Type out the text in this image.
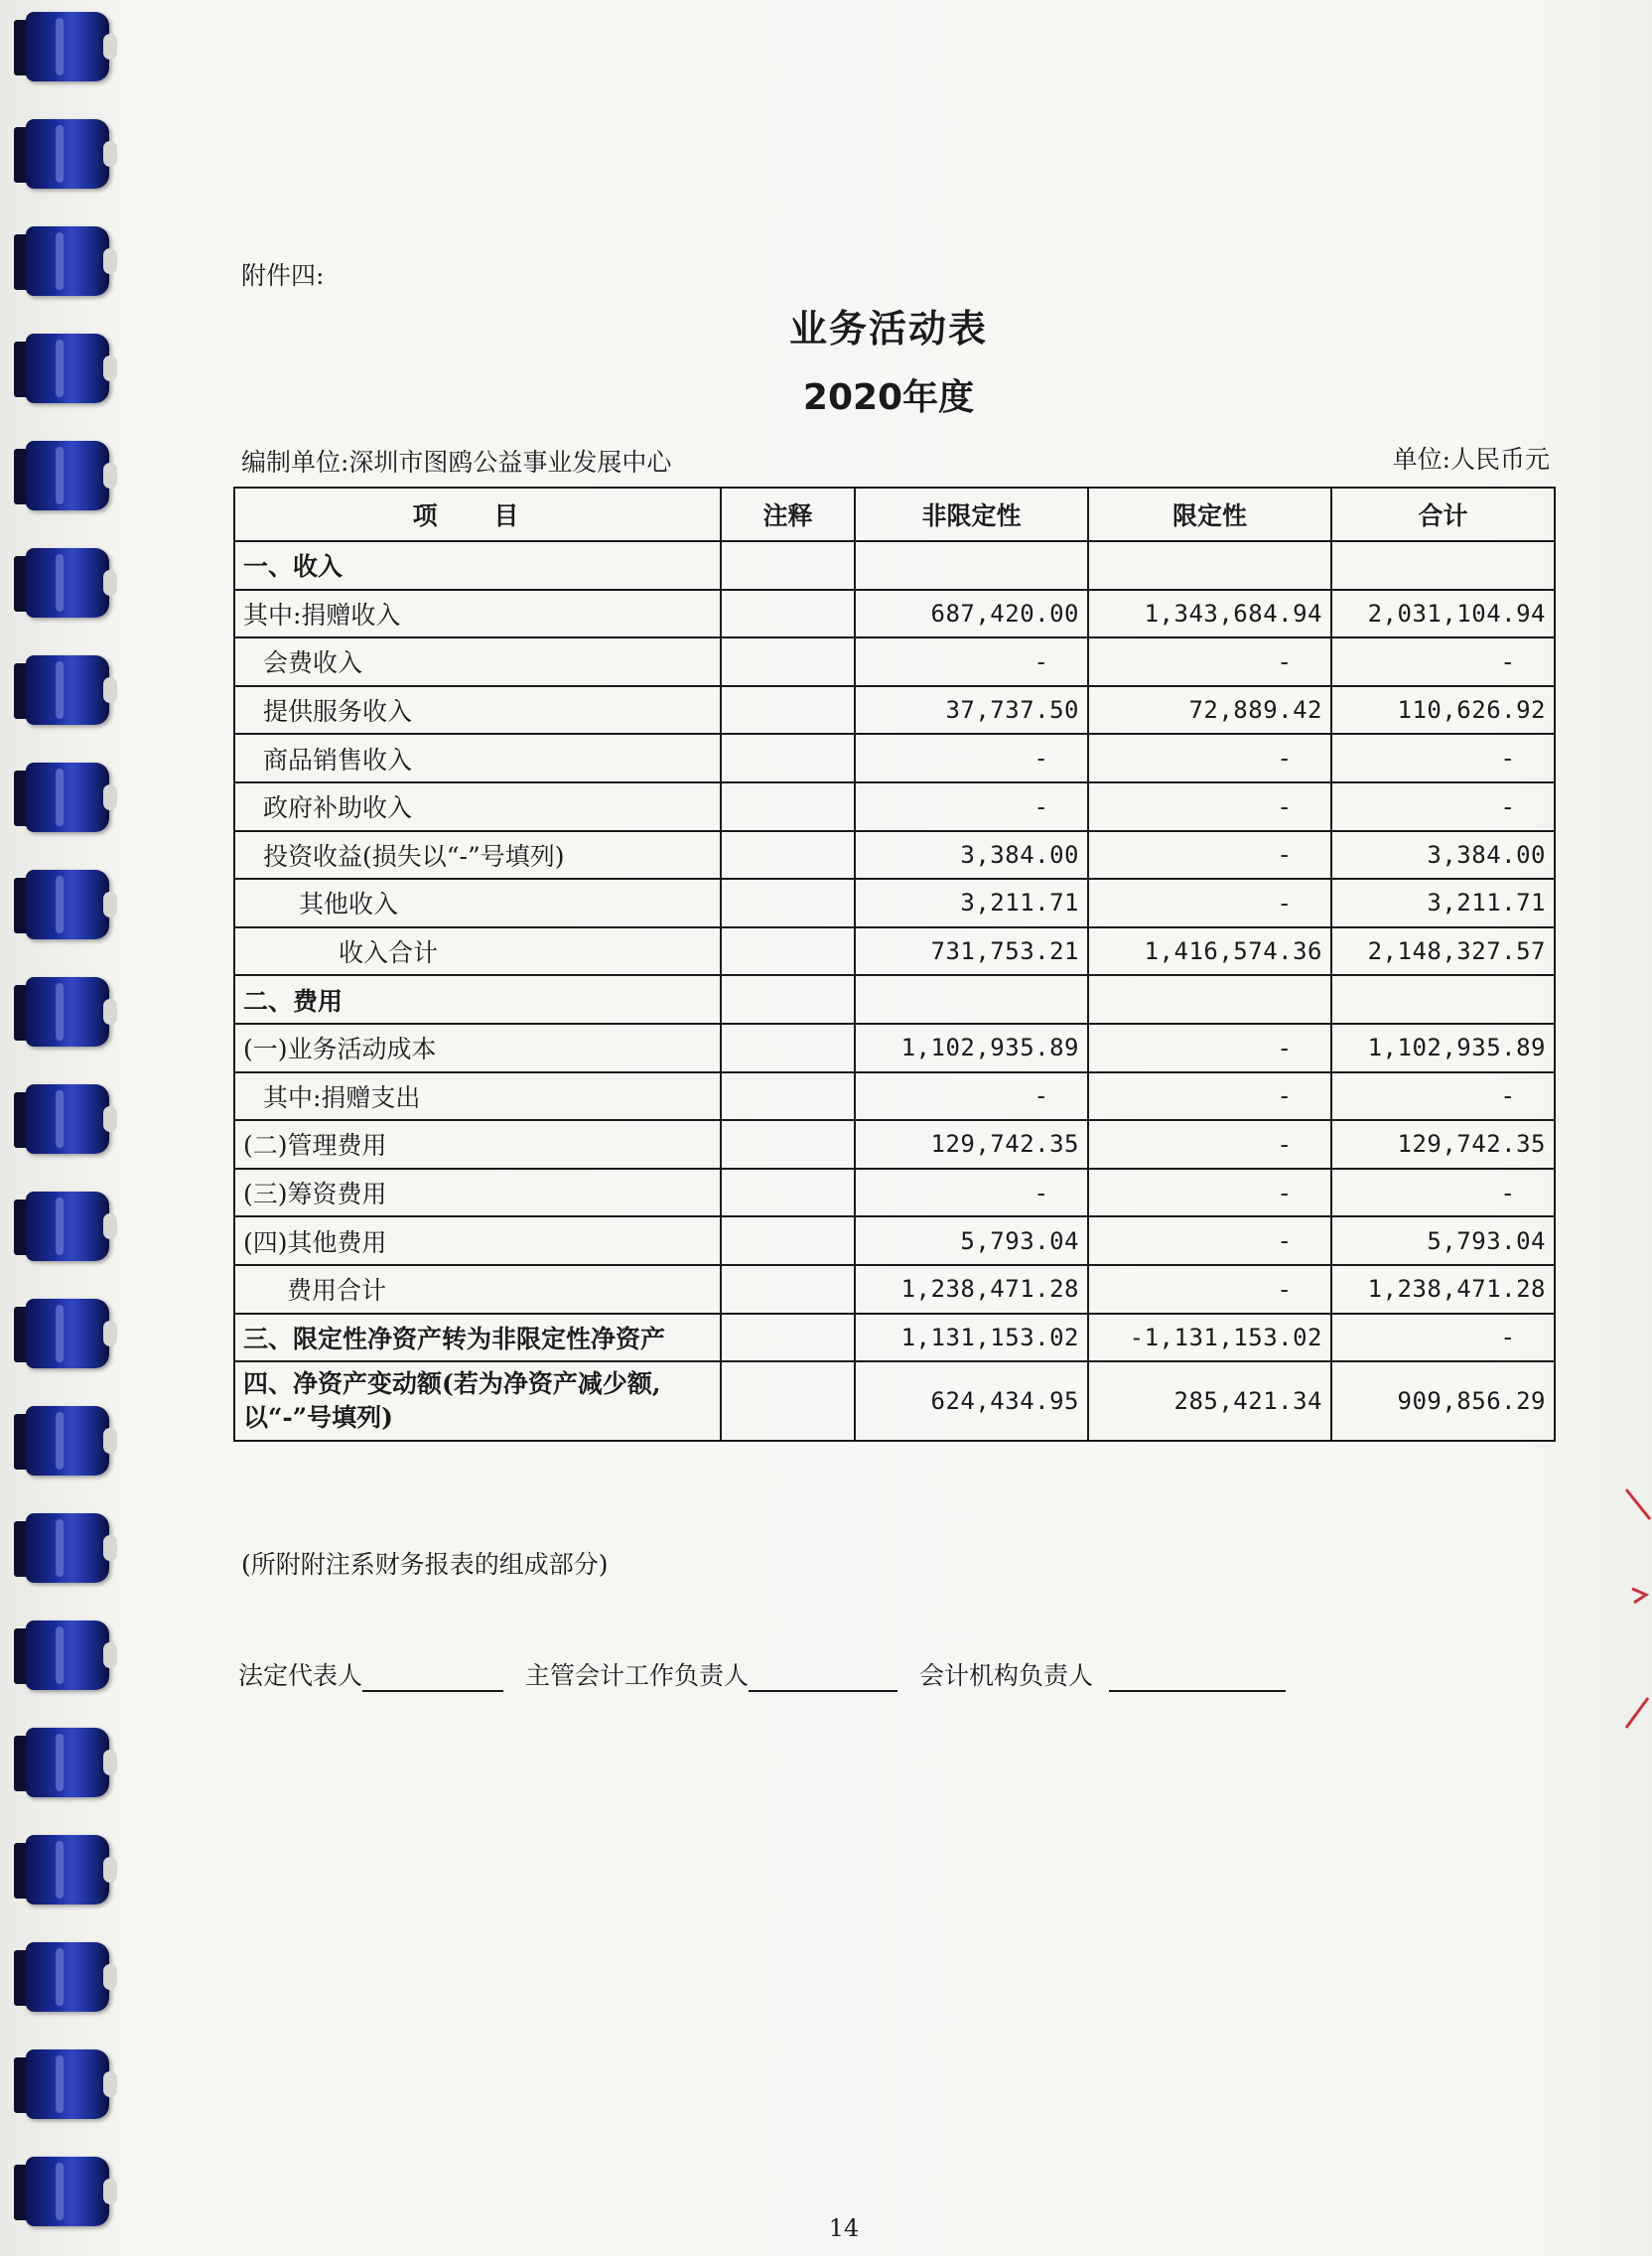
附件四:
业务活动表
2020年度
编制单位:深圳市图鸥公益事业发展中心	单位:人民币元
项 目	注释	非限定性	限定性	合计
一、收入				
其中:捐赠收入		687,420.00	1,343,684.94	2,031,104.94
会费收入		-	-	-
提供服务收入		37,737.50	72,889.42	110,626.92
商品销售收入		-	-	-
政府补助收入		-	-	-
投资收益(损失以“-”号填列)		3,384.00	-	3,384.00
其他收入		3,211.71	-	3,211.71
收入合计		731,753.21	1,416,574.36	2,148,327.57
二、费用				
(一)业务活动成本		1,102,935.89	-	1,102,935.89
其中:捐赠支出		-	-	-
(二)管理费用		129,742.35	-	129,742.35
(三)筹资费用		-	-	-
(四)其他费用		5,793.04	-	5,793.04
费用合计		1,238,471.28	-	1,238,471.28
三、限定性净资产转为非限定性净资产		1,131,153.02	-1,131,153.02	-
四、净资产变动额(若为净资产减少额,以“-”号填列)		624,434.95	285,421.34	909,856.29
(所附附注系财务报表的组成部分)
法定代表人	主管会计工作负责人	会计机构负责人
14
